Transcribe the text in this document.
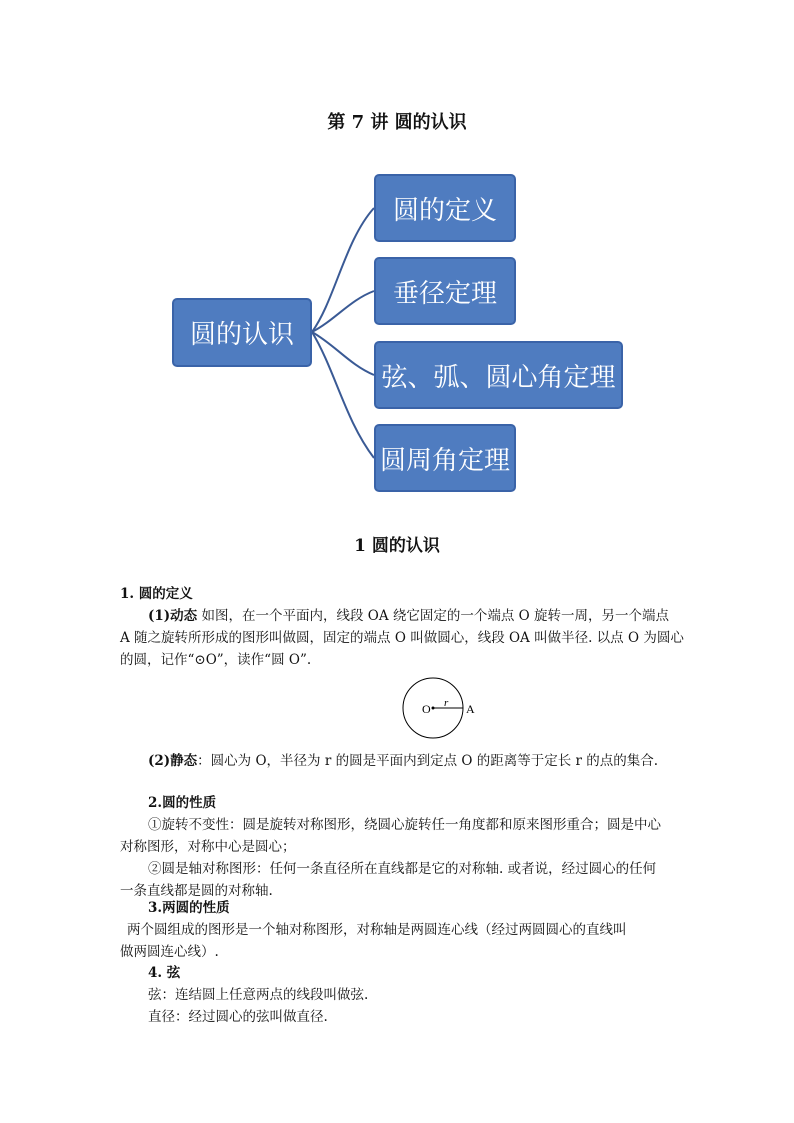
第 7 讲 圆的认识
圆的认识
圆的定义
垂径定理
弦、弧、圆心角定理
圆周角定理
1 圆的认识
1. 圆的定义
(1)动态 如图，在一个平面内，线段 OA 绕它固定的一个端点 O 旋转一周，另一个端点
A 随之旋转所形成的图形叫做圆，固定的端点 O 叫做圆心，线段 OA 叫做半径. 以点 O 为圆心
的圆，记作“⊙O”，读作“圆 O”.
O r A
(2)静态：圆心为 O，半径为 r 的圆是平面内到定点 O 的距离等于定长 r 的点的集合.
2.圆的性质
①旋转不变性：圆是旋转对称图形，绕圆心旋转任一角度都和原来图形重合；圆是中心
对称图形，对称中心是圆心；
②圆是轴对称图形：任何一条直径所在直线都是它的对称轴. 或者说，经过圆心的任何
一条直线都是圆的对称轴.
3.两圆的性质
两个圆组成的图形是一个轴对称图形，对称轴是两圆连心线（经过两圆圆心的直线叫
做两圆连心线）.
4. 弦
弦：连结圆上任意两点的线段叫做弦.
直径：经过圆心的弦叫做直径.
